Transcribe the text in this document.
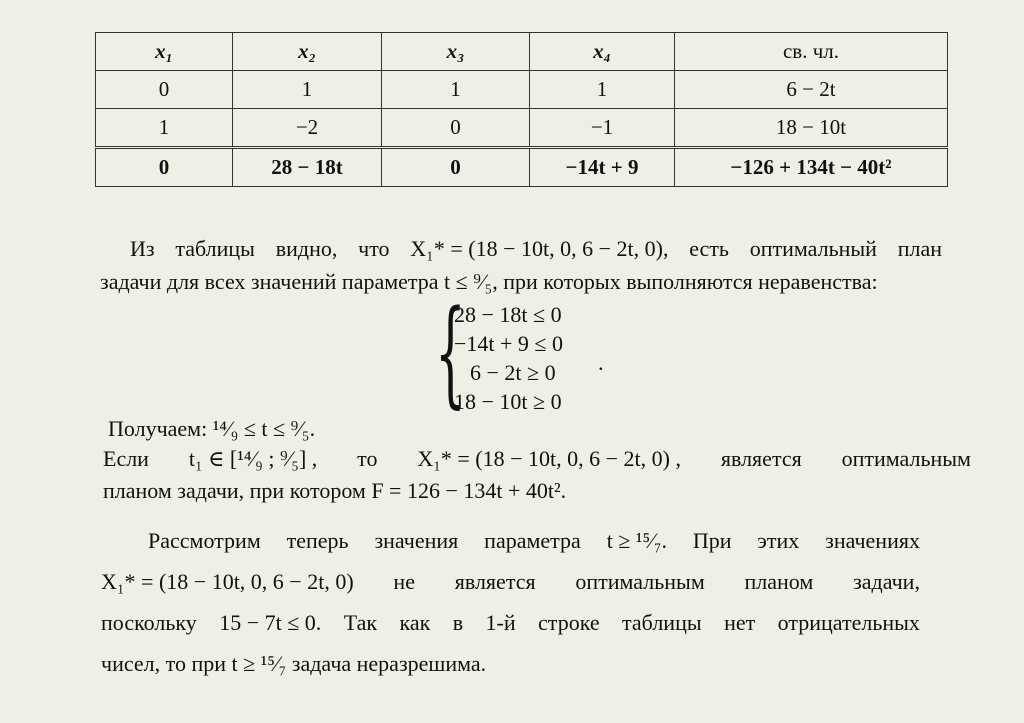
x₁	x₂	x₃	x₄	св. чл.
0	1	1	1	6 − 2t
1	−2	0	−1	18 − 10t
0	28 − 18t	0	−14t + 9	−126 + 134t − 40t²
Из таблицы видно, что X₁* = (18 − 10t, 0, 6 − 2t, 0), есть оптимальный план
задачи для всех значений параметра t ≤ ⁹⁄₅, при которых выполняются неравенства:
{
28 − 18t ≤ 0
−14t + 9 ≤ 0
6 − 2t ≥ 0
18 − 10t ≥ 0
.
Получаем: ¹⁴⁄₉ ≤ t ≤ ⁹⁄₅.
Если t₁ ∈ [¹⁴⁄₉ ; ⁹⁄₅] , то X₁* = (18 − 10t, 0, 6 − 2t, 0) , является оптимальным
планом задачи, при котором F = 126 − 134t + 40t².
Рассмотрим теперь значения параметра t ≥ ¹⁵⁄₇. При этих значениях
X₁* = (18 − 10t, 0, 6 − 2t, 0) не является оптимальным планом задачи,
поскольку 15 − 7t ≤ 0. Так как в 1-й строке таблицы нет отрицательных
чисел, то при t ≥ ¹⁵⁄₇ задача неразрешима.
